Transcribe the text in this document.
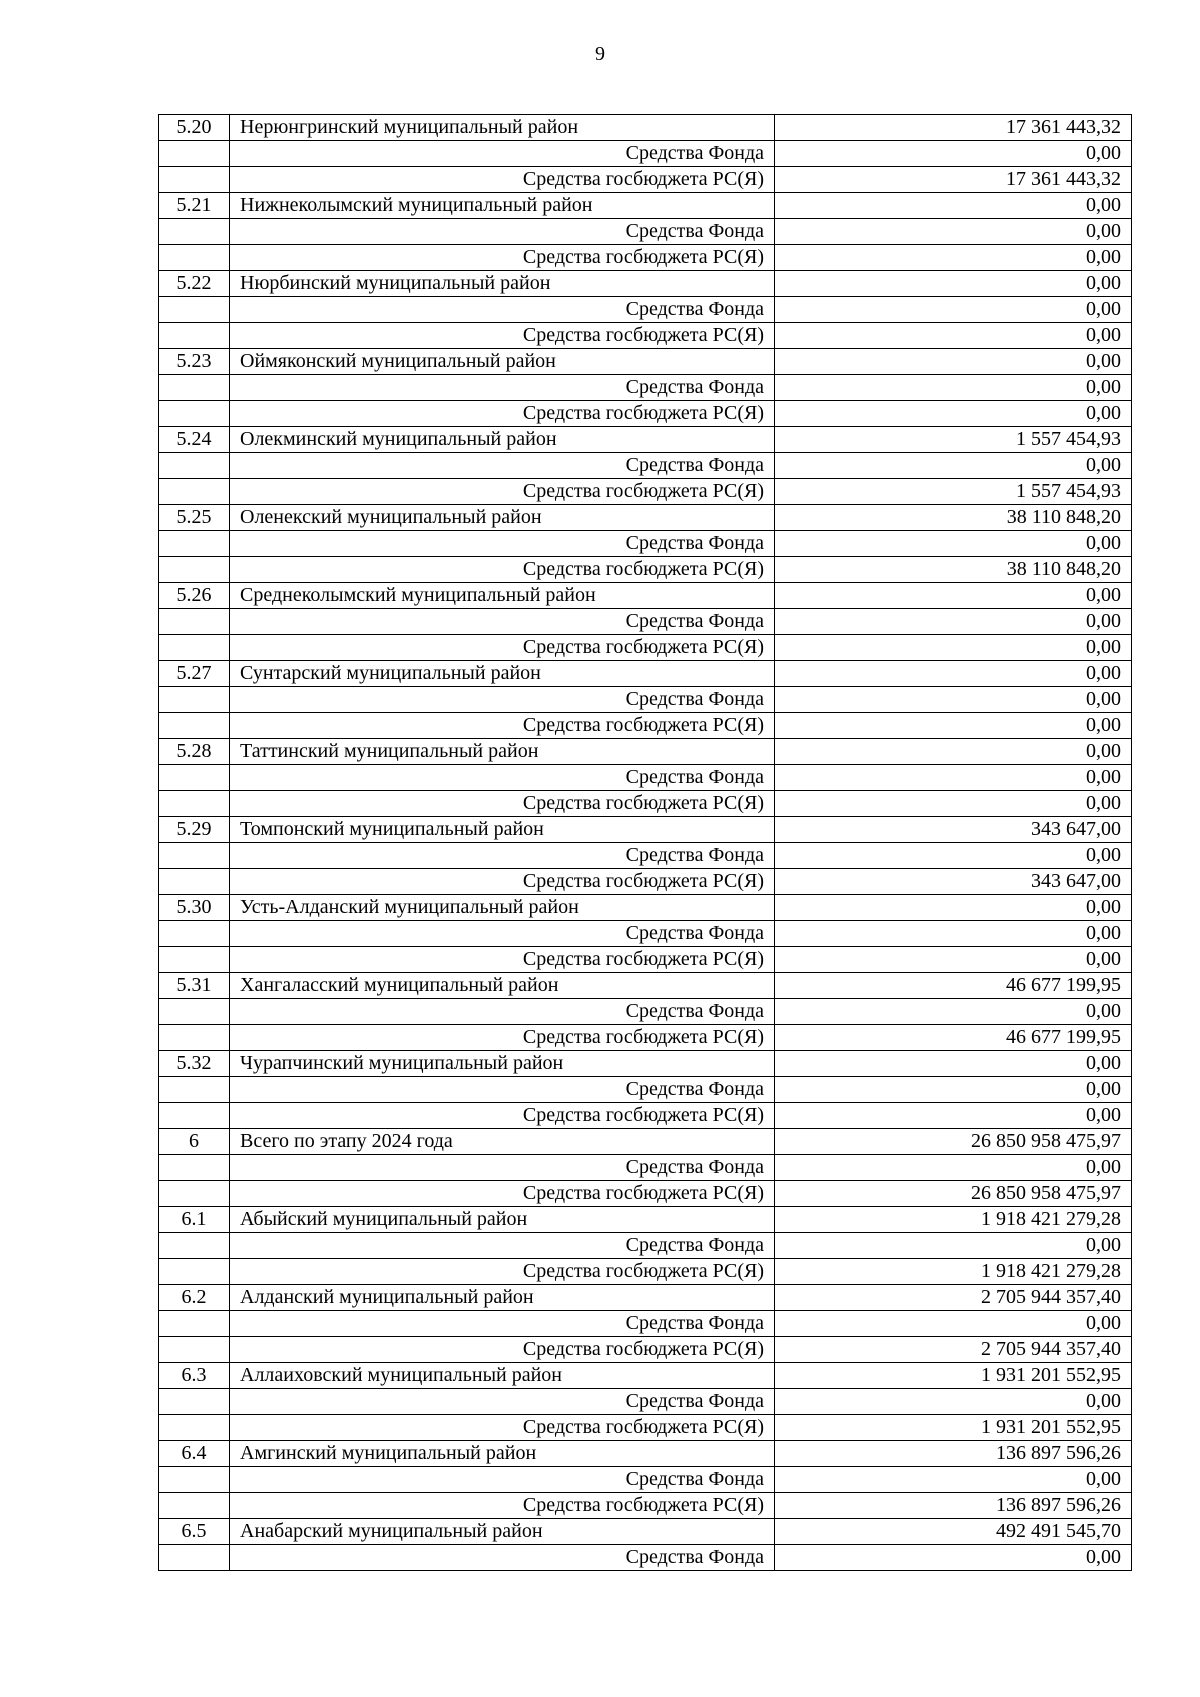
9
5.20	Нерюнгринский муниципальный район	17 361 443,32
	Средства Фонда	0,00
	Средства госбюджета РС(Я)	17 361 443,32
5.21	Нижнеколымский муниципальный район	0,00
	Средства Фонда	0,00
	Средства госбюджета РС(Я)	0,00
5.22	Нюрбинский муниципальный район	0,00
	Средства Фонда	0,00
	Средства госбюджета РС(Я)	0,00
5.23	Оймяконский муниципальный район	0,00
	Средства Фонда	0,00
	Средства госбюджета РС(Я)	0,00
5.24	Олекминский муниципальный район	1 557 454,93
	Средства Фонда	0,00
	Средства госбюджета РС(Я)	1 557 454,93
5.25	Оленекский муниципальный район	38 110 848,20
	Средства Фонда	0,00
	Средства госбюджета РС(Я)	38 110 848,20
5.26	Среднеколымский муниципальный район	0,00
	Средства Фонда	0,00
	Средства госбюджета РС(Я)	0,00
5.27	Сунтарский муниципальный район	0,00
	Средства Фонда	0,00
	Средства госбюджета РС(Я)	0,00
5.28	Таттинский муниципальный район	0,00
	Средства Фонда	0,00
	Средства госбюджета РС(Я)	0,00
5.29	Томпонский муниципальный район	343 647,00
	Средства Фонда	0,00
	Средства госбюджета РС(Я)	343 647,00
5.30	Усть-Алданский муниципальный район	0,00
	Средства Фонда	0,00
	Средства госбюджета РС(Я)	0,00
5.31	Хангаласский муниципальный район	46 677 199,95
	Средства Фонда	0,00
	Средства госбюджета РС(Я)	46 677 199,95
5.32	Чурапчинский муниципальный район	0,00
	Средства Фонда	0,00
	Средства госбюджета РС(Я)	0,00
6	Всего по этапу 2024 года	26 850 958 475,97
	Средства Фонда	0,00
	Средства госбюджета РС(Я)	26 850 958 475,97
6.1	Абыйский муниципальный район	1 918 421 279,28
	Средства Фонда	0,00
	Средства госбюджета РС(Я)	1 918 421 279,28
6.2	Алданский муниципальный район	2 705 944 357,40
	Средства Фонда	0,00
	Средства госбюджета РС(Я)	2 705 944 357,40
6.3	Аллаиховский муниципальный район	1 931 201 552,95
	Средства Фонда	0,00
	Средства госбюджета РС(Я)	1 931 201 552,95
6.4	Амгинский муниципальный район	136 897 596,26
	Средства Фонда	0,00
	Средства госбюджета РС(Я)	136 897 596,26
6.5	Анабарский муниципальный район	492 491 545,70
	Средства Фонда	0,00
